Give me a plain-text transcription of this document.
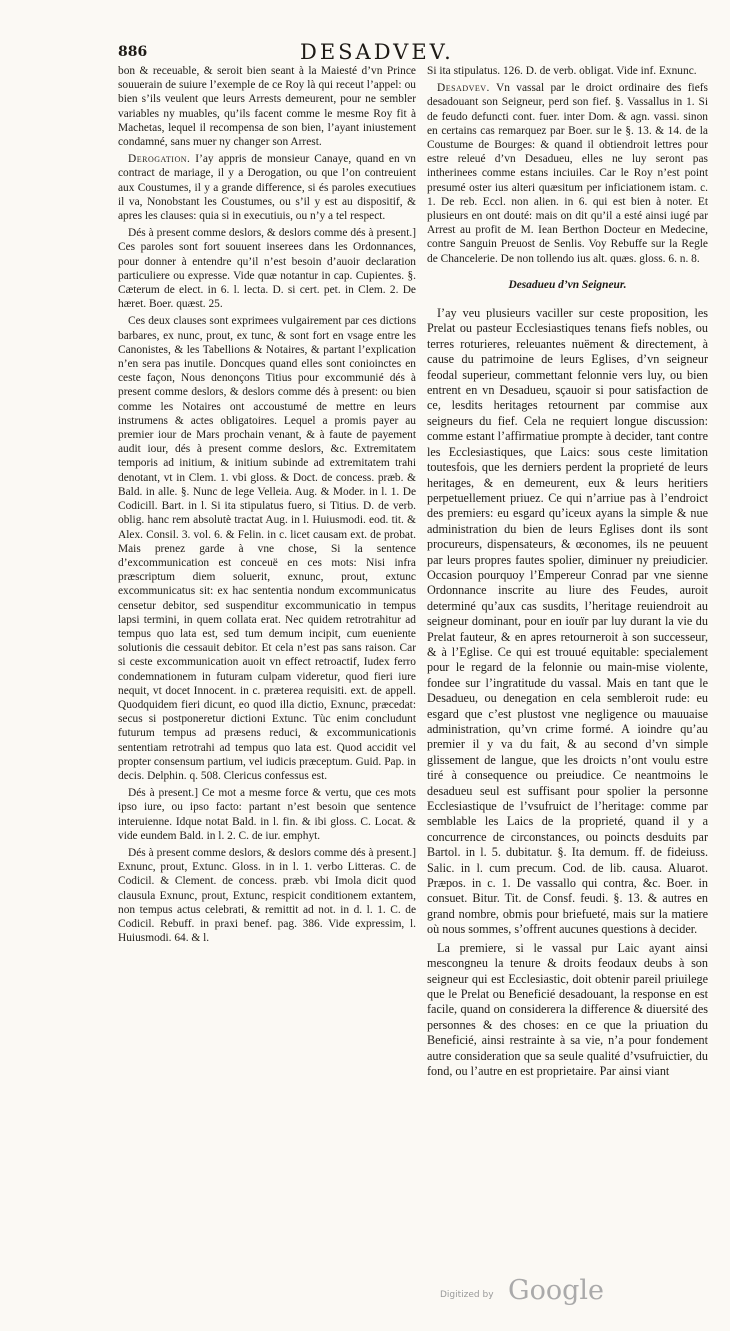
886	DESADVEV.

bon & receuable, & seroit bien seant à la Maiesté d’vn Prince souuerain de suiure l’exemple de ce Roy là qui receut l’appel: ou bien s’ils veulent que leurs Arrests demeurent, pour ne sembler variables ny muables, qu’ils facent comme le mesme Roy fit à Machetas, lequel il recompensa de son bien, l’ayant iniustement condamné, sans muer ny changer son Arrest.

Derogation. I’ay appris de monsieur Canaye, quand en vn contract de mariage, il y a Derogation, ou que l’on contreuient aux Coustumes, il y a grande difference, si és paroles executiues il va, Nonobstant les Coustumes, ou s’il y est au dispositif, & apres les clauses: quia si in executiuis, ou n’y a tel respect.

Dés à present comme deslors, & deslors comme dés à present.] Ces paroles sont fort souuent inserees dans les Ordonnances, pour donner à entendre qu’il n’est besoin d’auoir declaration particuliere ou expresse. Vide quæ notantur in cap. Cupientes. §. Cæterum de elect. in 6. l. lecta. D. si cert. pet. in Clem. 2. De hæret. Boer. quæst. 25.

Ces deux clauses sont exprimees vulgairement par ces dictions barbares, ex nunc, prout, ex tunc, & sont fort en vsage entre les Canonistes, & les Tabellions & Notaires, & partant l’explication n’en sera pas inutile. Doncques quand elles sont conioinctes en ceste façon, Nous denonçons Titius pour excommunié dés à present comme deslors, & deslors comme dés à present: ou bien comme les Notaires ont accoustumé de mettre en leurs instrumens & actes obligatoires. Lequel a promis payer au premier iour de Mars prochain venant, & à faute de payement audit iour, dés à present comme deslors, &c. Extremitatem temporis ad initium, & initium subinde ad extremitatem trahi denotant, vt in Clem. 1. vbi gloss. & Doct. de concess. præb. & Bald. in alle. §. Nunc de lege Velleia. Aug. & Moder. in l. 1. De Codicill. Bart. in l. Si ita stipulatus fuero, si Titius. D. de verb. oblig. hanc rem absolutè tractat Aug. in l. Huiusmodi. eod. tit. & Alex. Consil. 3. vol. 6. & Felin. in c. licet causam ext. de probat. Mais prenez garde à vne chose, Si la sentence d’excommunication est conceuë en ces mots: Nisi infra præscriptum diem soluerit, exnunc, prout, extunc excommunicatus sit: ex hac sententia nondum excommunicatus censetur debitor, sed suspenditur excommunicatio in tempus lapsi termini, in quem collata erat. Nec quidem retrotrahitur ad tempus quo lata est, sed tum demum incipit, cum eueniente solutionis die cessauit debitor. Et cela n’est pas sans raison. Car si ceste excommunication auoit vn effect retroactif, Iudex ferro condemnationem in futuram culpam videretur, quod fieri iure nequit, vt docet Innocent. in c. præterea requisiti. ext. de appell. Quodquidem fieri dicunt, eo quod illa dictio, Exnunc, præcedat: secus si postponeretur dictioni Extunc. Tùc enim concludunt futurum tempus ad præsens reduci, & excommunicationis sententiam retrotrahi ad tempus quo lata est. Quod accidit vel propter consensum partium, vel iudicis præceptum. Guid. Pap. in decis. Delphin. q. 508. Clericus confessus est.

Dés à present.] Ce mot a mesme force & vertu, que ces mots ipso iure, ou ipso facto: partant n’est besoin que sentence interuienne. Idque notat Bald. in l. fin. & ibi gloss. C. Locat. & vide eundem Bald. in l. 2. C. de iur. emphyt.

Dés à present comme deslors, & deslors comme dés à present.] Exnunc, prout, Extunc. Gloss. in in l. 1. verbo Litteras. C. de Codicil. & Clement. de concess. præb. vbi Imola dicit quod clausula Exnunc, prout, Extunc, respicit conditionem extantem, non tempus actus celebrati, & remittit ad not. in d. l. 1. C. de Codicil. Rebuff. in praxi benef. pag. 386. Vide expressim, l. Huiusmodi. 64. & l.

Si ita stipulatus. 126. D. de verb. obligat. Vide inf. Exnunc.

Desadvev. Vn vassal par le droict ordinaire des fiefs desadouant son Seigneur, perd son fief. §. Vassallus in 1. Si de feudo defuncti cont. fuer. inter Dom. & agn. vassi. sinon en certains cas remarquez par Boer. sur le §. 13. & 14. de la Coustume de Bourges: & quand il obtiendroit lettres pour estre releué d’vn Desadueu, elles ne luy seront pas intherinees comme estans inciuiles. Car le Roy n’est point presumé oster ius alteri quæsitum per inficiationem istam. c. 1. De reb. Eccl. non alien. in 6. qui est bien à noter. Et plusieurs en ont douté: mais on dit qu’il a esté ainsi iugé par Arrest au profit de M. Iean Berthon Docteur en Medecine, contre Sanguin Preuost de Senlis. Voy Rebuffe sur la Regle de Chancelerie. De non tollendo ius alt. quæs. gloss. 6. n. 8.

Desadueu d’vn Seigneur.

I’ay veu plusieurs vaciller sur ceste proposition, les Prelat ou pasteur Ecclesiastiques tenans fiefs nobles, ou terres roturieres, releuantes nuëment & directement, à cause du patrimoine de leurs Eglises, d’vn seigneur feodal superieur, commettant felonnie vers luy, ou bien entrent en vn Desadueu, sçauoir si pour satisfaction de ce, lesdits heritages retournent par commise aux seigneurs du fief. Cela ne requiert longue discussion: comme estant l’affirmatiue prompte à decider, tant contre les Ecclesiastiques, que Laics: sous ceste limitation toutesfois, que les derniers perdent la proprieté de leurs heritages, & en demeurent, eux & leurs heritiers perpetuellement priuez. Ce qui n’arriue pas à l’endroict des premiers: eu esgard qu’iceux ayans la simple & nue administration du bien de leurs Eglises dont ils sont procureurs, dispensateurs, & œconomes, ils ne peuuent par leurs propres fautes spolier, diminuer ny preiudicier. Occasion pourquoy l’Empereur Conrad par vne sienne Ordonnance inscrite au liure des Feudes, auroit determiné qu’aux cas susdits, l’heritage reuiendroit au seigneur dominant, pour en iouïr par luy durant la vie du Prelat fauteur, & en apres retourneroit à son successeur, & à l’Eglise. Ce qui est trouué equitable: specialement pour le regard de la felonnie ou main-mise violente, fondee sur l’ingratitude du vassal. Mais en tant que le Desadueu, ou denegation en cela sembleroit rude: eu esgard que c’est plustost vne negligence ou mauuaise administration, qu’vn crime formé. A ioindre qu’au premier il y va du fait, & au second d’vn simple glissement de langue, que les droicts n’ont voulu estre tiré à consequence ou preiudice. Ce neantmoins le desadueu seul est suffisant pour spolier la personne Ecclesiastique de l’vsufruict de l’heritage: comme par semblable les Laics de la proprieté, quand il y a concurrence de circonstances, ou poincts desduits par Bartol. in l. 5. dubitatur. §. Ita demum. ff. de fideiuss. Salic. in l. cum precum. Cod. de lib. causa. Aluarot. Præpos. in c. 1. De vassallo qui contra, &c. Boer. in consuet. Bitur. Tit. de Consf. feudi. §. 13. & autres en grand nombre, obmis pour briefueté, mais sur la matiere où nous sommes, s’offrent aucunes questions à decider.

La premiere, si le vassal pur Laic ayant ainsi mescongneu la tenure & droits feodaux deubs à son seigneur qui est Ecclesiastic, doit obtenir pareil priuilege que le Prelat ou Beneficié desadouant, la response en est facile, quand on considerera la difference & diuersité des personnes & des choses: en ce que la priuation du Beneficié, ainsi restrainte à sa vie, n’a pour fondement autre consideration que sa seule qualité d’vsufruictier, du fond, ou l’autre en est proprietaire. Par ainsi viant

Digitized by Google
